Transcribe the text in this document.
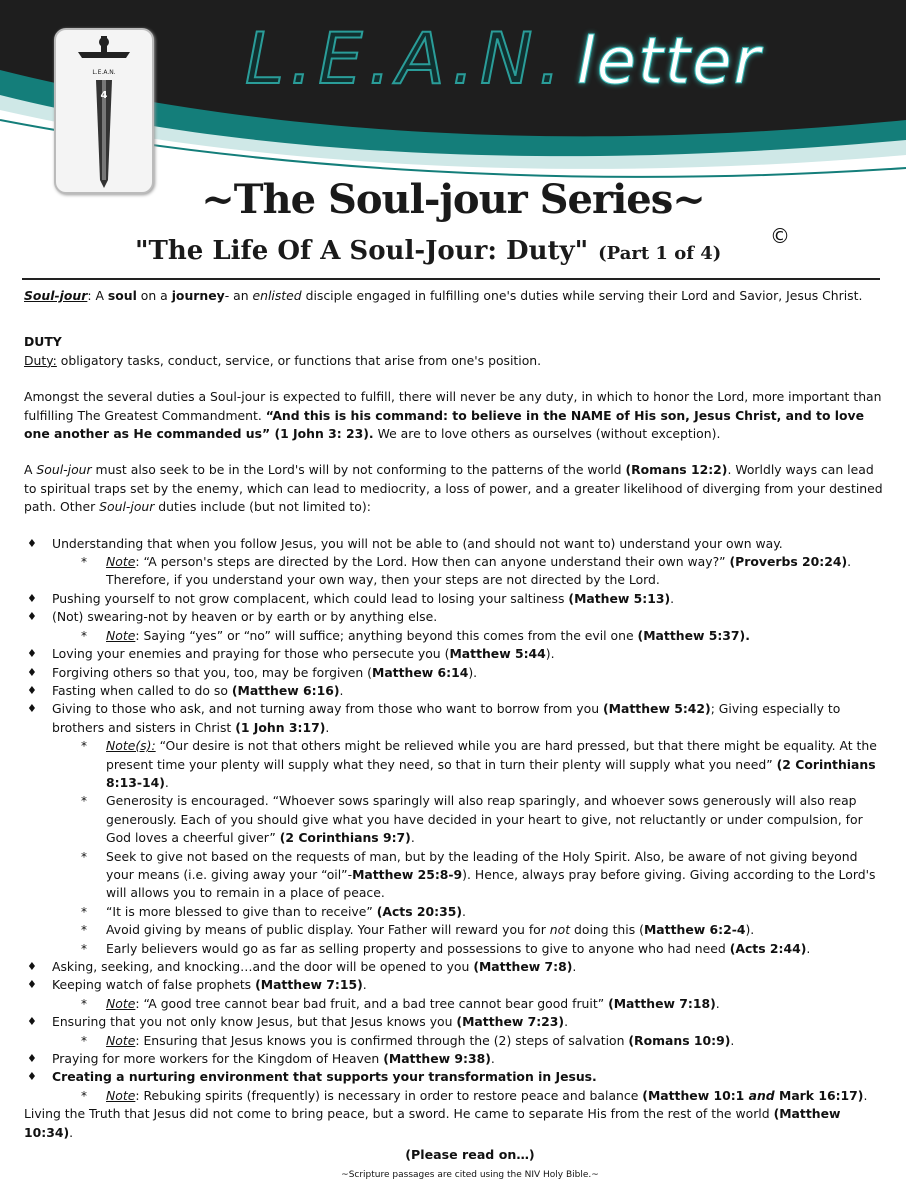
L.E.A.N.
4 L.E.A.N. letter
~The Soul-jour Series~
"The Life Of A Soul-Jour: Duty" (Part 1 of 4)
©

Soul-jour: A soul on a journey- an enlisted disciple engaged in fulfilling one's duties while serving their Lord and Savior, Jesus Christ.

DUTY

Duty: obligatory tasks, conduct, service, or functions that arise from one's position.

Amongst the several duties a Soul-jour is expected to fulfill, there will never be any duty, in which to honor the Lord, more important than fulfilling The Greatest Commandment. “And this is his command: to believe in the NAME of His son, Jesus Christ, and to love one another as He commanded us” (1 John 3: 23). We are to love others as ourselves (without exception).

A Soul-jour must also seek to be in the Lord's will by not conforming to the patterns of the world (Romans 12:2). Worldly ways can lead to spiritual traps set by the enemy, which can lead to mediocrity, a loss of power, and a greater likelihood of diverging from your destined path. Other Soul-jour duties include (but not limited to):

♦ Understanding that when you follow Jesus, you will not be able to (and should not want to) understand your own way.
* Note: “A person's steps are directed by the Lord. How then can anyone understand their own way?” (Proverbs 20:24). Therefore, if you understand your own way, then your steps are not directed by the Lord.
♦ Pushing yourself to not grow complacent, which could lead to losing your saltiness (Mathew 5:13).
♦ (Not) swearing-not by heaven or by earth or by anything else.
* Note: Saying “yes” or “no” will suffice; anything beyond this comes from the evil one (Matthew 5:37).
♦ Loving your enemies and praying for those who persecute you (Matthew 5:44).
♦ Forgiving others so that you, too, may be forgiven (Matthew 6:14).
♦ Fasting when called to do so (Matthew 6:16).
♦ Giving to those who ask, and not turning away from those who want to borrow from you (Matthew 5:42); Giving especially to brothers and sisters in Christ (1 John 3:17).
* Note(s): “Our desire is not that others might be relieved while you are hard pressed, but that there might be equality. At the present time your plenty will supply what they need, so that in turn their plenty will supply what you need” (2 Corinthians 8:13-14).
* Generosity is encouraged. “Whoever sows sparingly will also reap sparingly, and whoever sows generously will also reap generously. Each of you should give what you have decided in your heart to give, not reluctantly or under compulsion, for God loves a cheerful giver” (2 Corinthians 9:7).
* Seek to give not based on the requests of man, but by the leading of the Holy Spirit. Also, be aware of not giving beyond your means (i.e. giving away your “oil”-Matthew 25:8-9). Hence, always pray before giving. Giving according to the Lord's will allows you to remain in a place of peace.
* “It is more blessed to give than to receive” (Acts 20:35).
* Avoid giving by means of public display. Your Father will reward you for not doing this (Matthew 6:2-4).
* Early believers would go as far as selling property and possessions to give to anyone who had need (Acts 2:44).
♦ Asking, seeking, and knocking…and the door will be opened to you (Matthew 7:8).
♦ Keeping watch of false prophets (Matthew 7:15).
* Note: “A good tree cannot bear bad fruit, and a bad tree cannot bear good fruit” (Matthew 7:18).
♦ Ensuring that you not only know Jesus, but that Jesus knows you (Matthew 7:23).
* Note: Ensuring that Jesus knows you is confirmed through the (2) steps of salvation (Romans 10:9).
♦ Praying for more workers for the Kingdom of Heaven (Matthew 9:38).
♦ Creating a nurturing environment that supports your transformation in Jesus.
* Note: Rebuking spirits (frequently) is necessary in order to restore peace and balance (Matthew 10:1 and Mark 16:17).

Living the Truth that Jesus did not come to bring peace, but a sword. He came to separate His from the rest of the world (Matthew 10:34).

(Please read on…)

~Scripture passages are cited using the NIV Holy Bible.~
